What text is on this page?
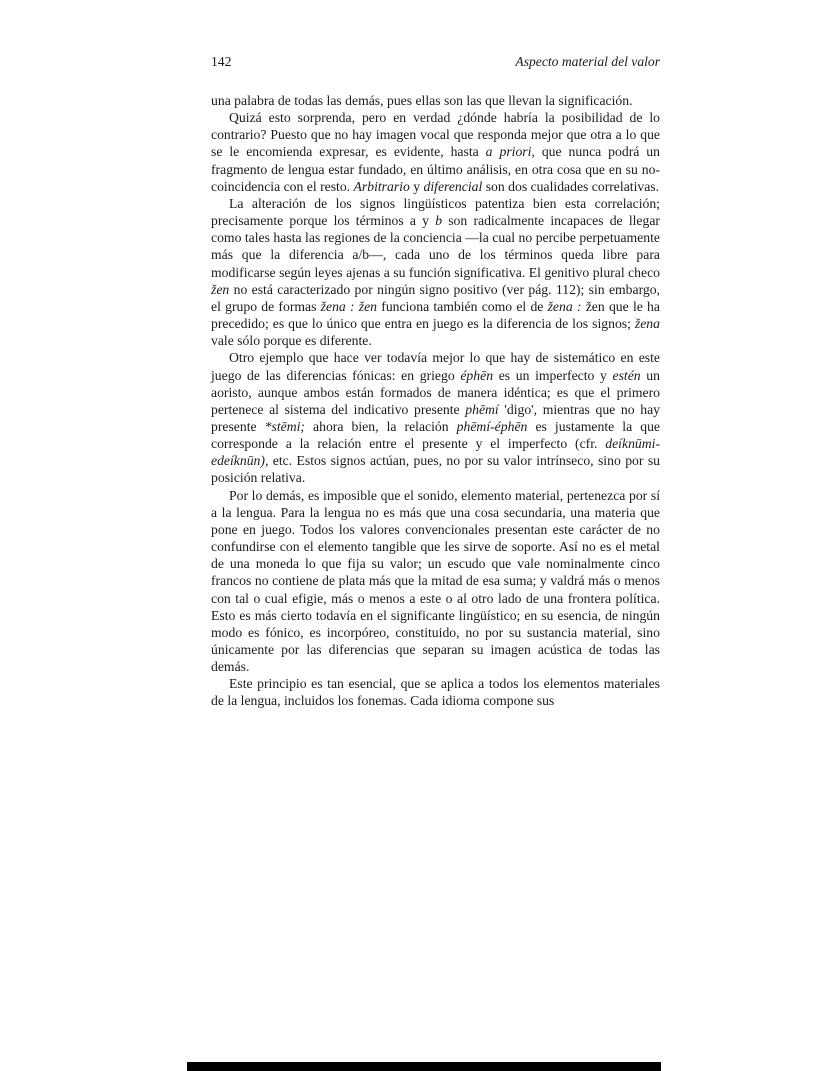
142	Aspecto material del valor

una palabra de todas las demás, pues ellas son las que llevan la significación.

Quizá esto sorprenda, pero en verdad ¿dónde habría la posibilidad de lo contrario? Puesto que no hay imagen vocal que responda mejor que otra a lo que se le encomienda expresar, es evidente, hasta a priori, que nunca podrá un fragmento de lengua estar fundado, en último análisis, en otra cosa que en su no-coincidencia con el resto. Arbitrario y diferencial son dos cualidades correlativas.

La alteración de los signos lingüísticos patentiza bien esta correlación; precisamente porque los términos a y b son radicalmente incapaces de llegar como tales hasta las regiones de la conciencia —la cual no percibe perpetuamente más que la diferencia a/b—, cada uno de los términos queda libre para modificarse según leyes ajenas a su función significativa. El genitivo plural checo žen no está caracterizado por ningún signo positivo (ver pág. 112); sin embargo, el grupo de formas žena : žen funciona también como el de žena : žen que le ha precedido; es que lo único que entra en juego es la diferencia de los signos; žena vale sólo porque es diferente.

Otro ejemplo que hace ver todavía mejor lo que hay de sistemático en este juego de las diferencias fónicas: en griego éphēn es un imperfecto y estén un aoristo, aunque ambos están formados de manera idéntica; es que el primero pertenece al sistema del indicativo presente phēmí 'digo', mientras que no hay presente *stēmi; ahora bien, la relación phēmí-éphēn es justamente la que corresponde a la relación entre el presente y el imperfecto (cfr. deíknūmi-edeíknūn), etc. Estos signos actúan, pues, no por su valor intrínseco, sino por su posición relativa.

Por lo demás, es imposible que el sonido, elemento material, pertenezca por sí a la lengua. Para la lengua no es más que una cosa secundaria, una materia que pone en juego. Todos los valores convencionales presentan este carácter de no confundirse con el elemento tangible que les sirve de soporte. Así no es el metal de una moneda lo que fija su valor; un escudo que vale nominalmente cinco francos no contiene de plata más que la mitad de esa suma; y valdrá más o menos con tal o cual efigie, más o menos a este o al otro lado de una frontera política. Esto es más cierto todavía en el significante lingüístico; en su esencia, de ningún modo es fónico, es incorpóreo, constituido, no por su sustancia material, sino únicamente por las diferencias que separan su imagen acústica de todas las demás.

Este principio es tan esencial, que se aplica a todos los elementos materiales de la lengua, incluidos los fonemas. Cada idioma compone sus
